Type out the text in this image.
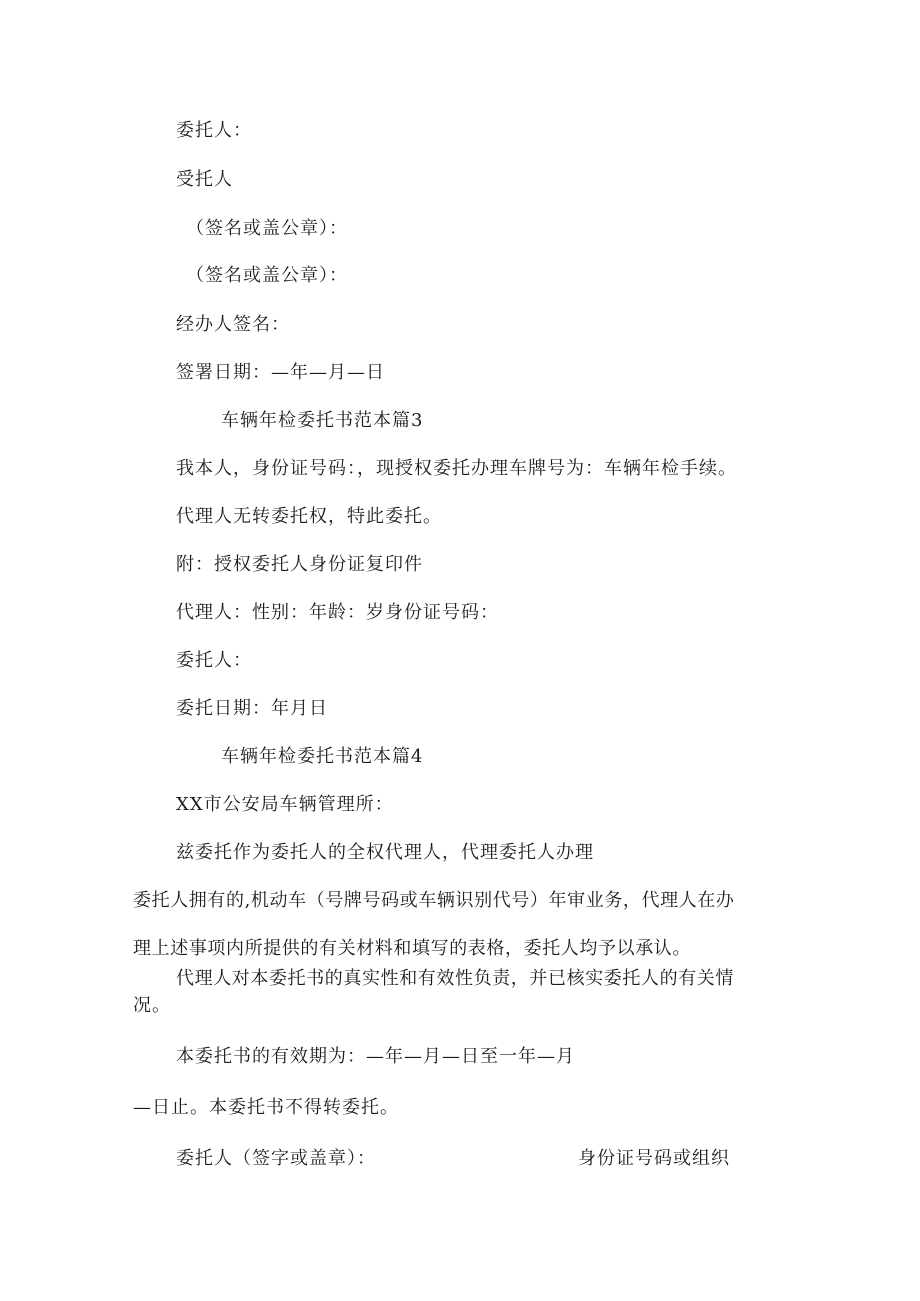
委托人：
受托人
（签名或盖公章）：
（签名或盖公章）：
经办人签名：
签署日期：—年—月—日
车辆年检委托书范本篇3
我本人，身份证号码：，现授权委托办理车牌号为：车辆年检手续。
代理人无转委托权，特此委托。
附：授权委托人身份证复印件
代理人：性别：年龄：岁身份证号码：
委托人：
委托日期：年月日
车辆年检委托书范本篇4
XX市公安局车辆管理所：
兹委托作为委托人的全权代理人，代理委托人办理
委托人拥有的,机动车（号牌号码或车辆识别代号）年审业务，代理人在办
理上述事项内所提供的有关材料和填写的表格，委托人均予以承认。
代理人对本委托书的真实性和有效性负责，并已核实委托人的有关情
况。
本委托书的有效期为：—年—月—日至一年—月
—日止。本委托书不得转委托。
委托人（签字或盖章）：	身份证号码或组织
